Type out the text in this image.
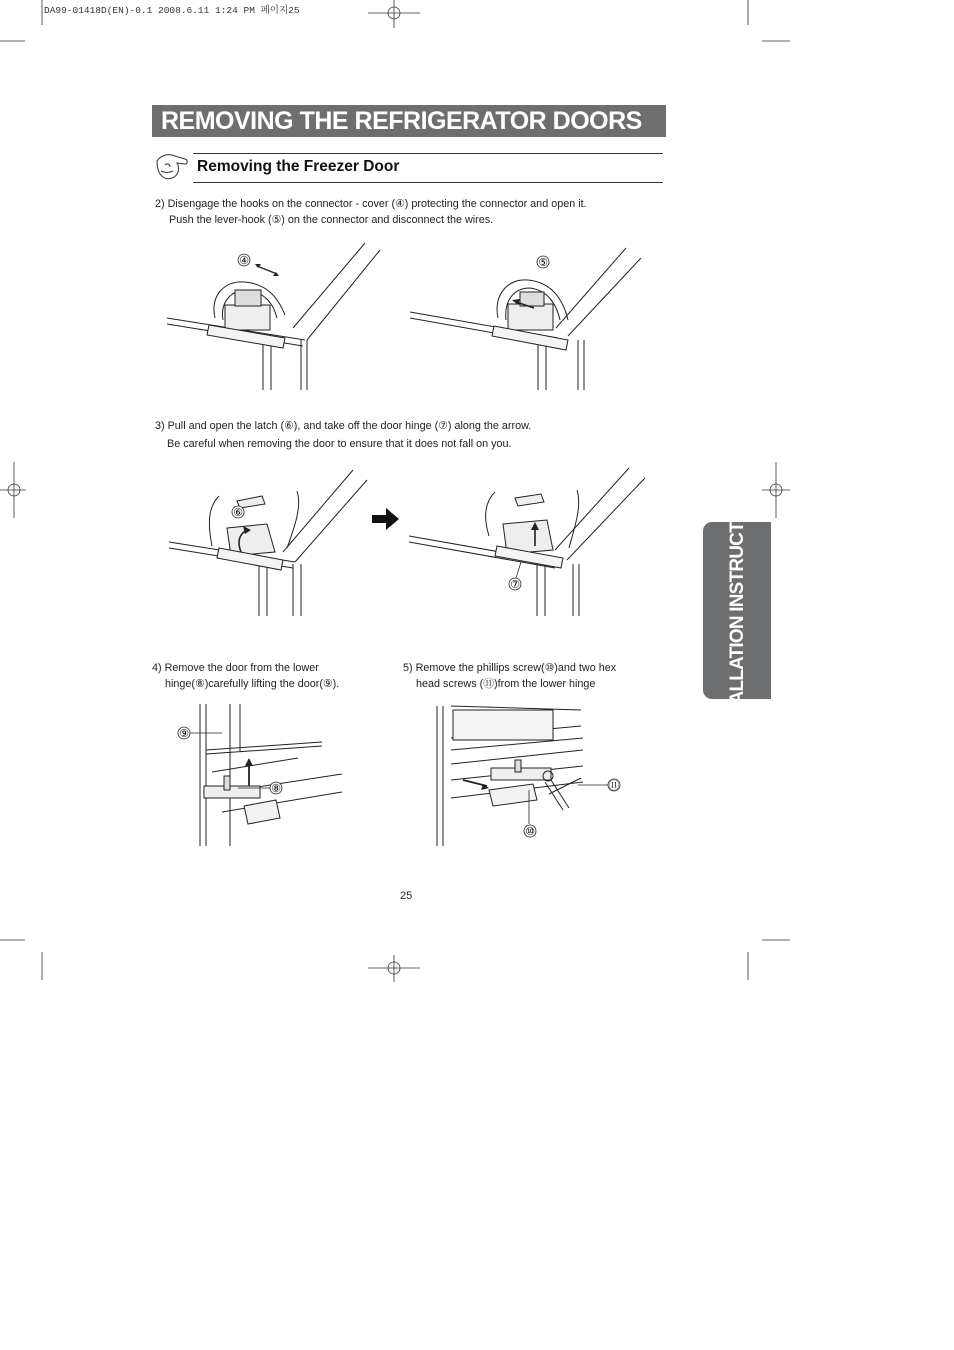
DA99-01418D(EN)-0.1 2008.6.11 1:24 PM 페이지25
REMOVING THE REFRIGERATOR DOORS
Removing the Freezer Door
2) Disengage the hooks on the connector - cover (④) protecting the connector and open it.
Push the lever-hook (⑤) on the connector and disconnect the wires.
④	⑤
3) Pull and open the latch (⑥), and take off the door hinge (⑦) along the arrow.
Be careful when removing the door to ensure that it does not fall on you.
⑥
⑦
4) Remove the door from the lower
hinge(⑧)carefully lifting the door(⑨).
5) Remove the phillips screw(⑩)and two hex
head screws (⑪)from the lower hinge
⑨
⑧	⑪
⑩
INSTALLATION INSTRUCTIONS
25
